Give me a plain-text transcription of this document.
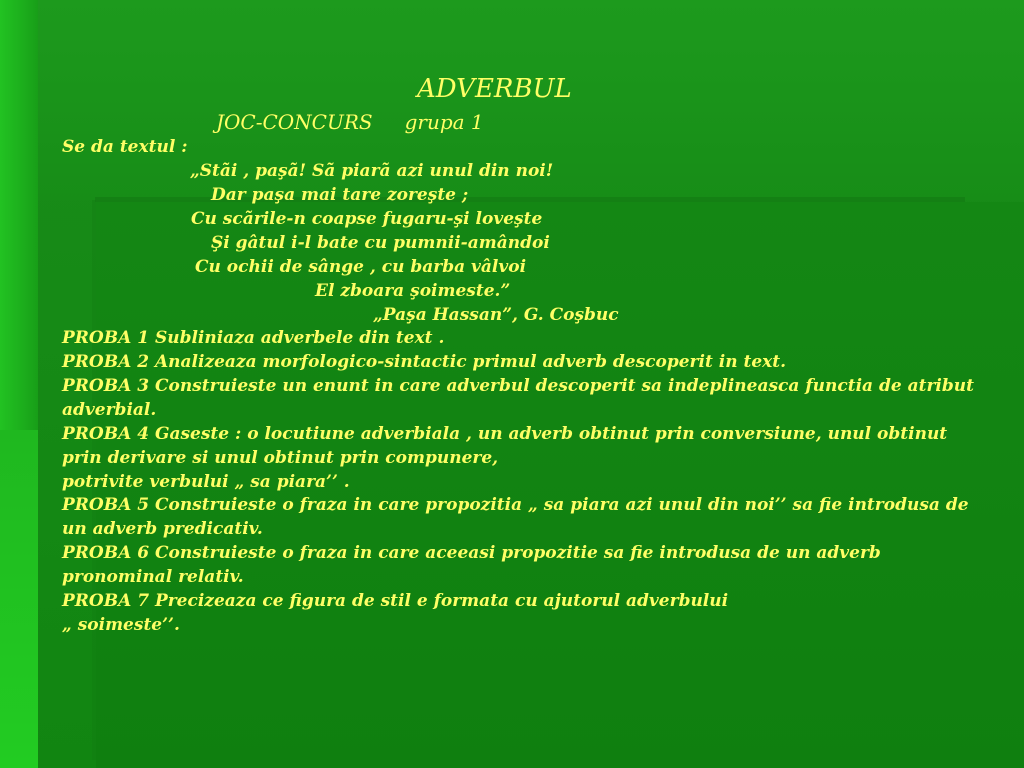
ADVERBUL
JOC-CONCURS grupa 1
Se da textul :
„Stãi , paşã! Sã piarã azi unul din noi!
Dar paşa mai tare zoreşte ;
Cu scãrile-n coapse fugaru-şi loveşte
Şi gâtul i-l bate cu pumnii-amândoi
Cu ochii de sânge , cu barba vâlvoi
El zboara şoimeste.”
„Paşa Hassan”, G. Coşbuc
PROBA 1 Subliniaza adverbele din text .
PROBA 2 Analizeaza morfologico-sintactic primul adverb descoperit in text.
PROBA 3 Construieste un enunt in care adverbul descoperit sa indeplineasca functia de atribut
adverbial.
PROBA 4 Gaseste : o locutiune adverbiala , un adverb obtinut prin conversiune, unul obtinut
prin derivare si unul obtinut prin compunere,
potrivite verbului „ sa piara’’ .
PROBA 5 Construieste o fraza in care propozitia „ sa piara azi unul din noi’’ sa fie introdusa de
un adverb predicativ.
PROBA 6 Construieste o fraza in care aceeasi propozitie sa fie introdusa de un adverb
pronominal relativ.
PROBA 7 Precizeaza ce figura de stil e formata cu ajutorul adverbului
„ soimeste’’.
